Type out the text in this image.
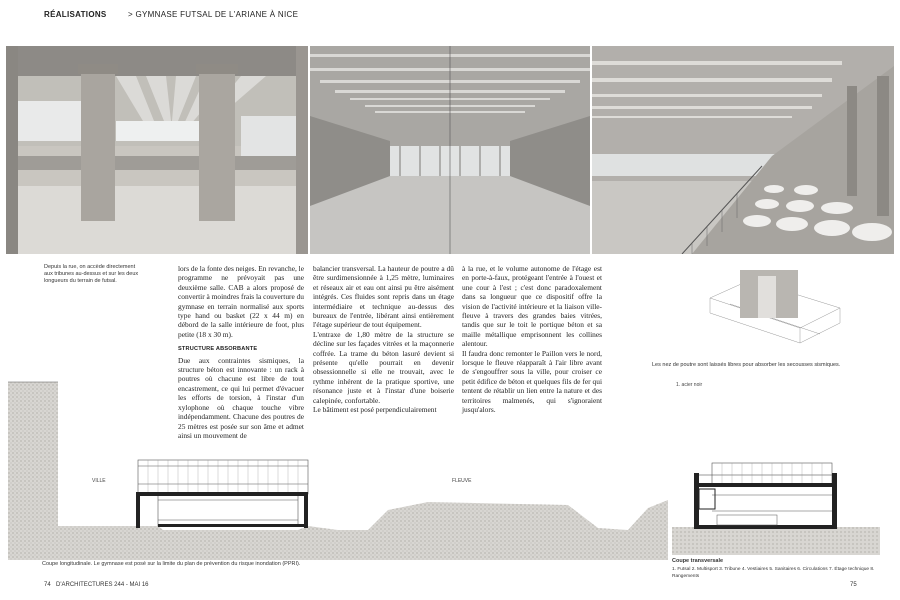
RÉALISATIONS	> GYMNASE FUTSAL DE L'ARIANE À NICE
Depuis la rue, on accède directement aux tribunes au-dessus et sur les deux longueurs du terrain de futsal.

lors de la fonte des neiges. En revanche, le programme ne prévoyait pas une deuxième salle. CAB a alors proposé de convertir à moindres frais la couverture du gymnase en terrain normalisé aux sports type hand ou basket (22 x 44 m) en débord de la salle intérieure de foot, plus petite (18 x 30 m).

STRUCTURE ABSORBANTE

Due aux contraintes sismiques, la structure béton est innovante : un rack à poutres où chacune est libre de tout encastrement, ce qui lui permet d'évacuer les efforts de torsion, à l'instar d'un xylophone où chaque touche vibre indépendamment. Chacune des poutres de 25 mètres est posée sur son âme et admet ainsi un mouvement de

balancier transversal. La hauteur de poutre a dû être surdimensionnée à 1,25 mètre, luminaires et réseaux air et eau ont ainsi pu être aisément intégrés. Ces fluides sont repris dans un étage intermédiaire et technique au-dessus des bureaux de l'entrée, libérant ainsi entièrement l'étage supérieur de tout équipement.

L'entraxe de 1,80 mètre de la structure se décline sur les façades vitrées et la maçonnerie coffrée. La trame du béton lasuré devient si présente qu'elle pourrait en devenir obsessionnelle si elle ne trouvait, avec le rythme inhérent de la pratique sportive, une résonance juste et à l'instar d'une boiserie calepinée, confortable.

Le bâtiment est posé perpendiculairement

à la rue, et le volume autonome de l'étage est en porte-à-faux, protégeant l'entrée à l'ouest et une cour à l'est ; c'est donc paradoxalement dans sa longueur que ce dispositif offre la vision de l'activité intérieure et la liaison ville-fleuve à travers des grandes baies vitrées, tandis que sur le toit le portique béton et sa maille métallique emprisonnent les collines alentour.

Il faudra donc remonter le Paillon vers le nord, lorsque le fleuve réapparaît à l'air libre avant de s'engouffrer sous la ville, pour croiser ce petit édifice de béton et quelques fils de fer qui tentent de rétablir un lien entre la nature et des territoires malmenés, qui s'ignoraient jusqu'alors.

Les nez de poutre sont laissés libres pour absorber les secousses sismiques.
1. acier noir
VILLE	FLEUVE
Coupe longitudinale. Le gymnase est posé sur la limite du plan de prévention du risque inondation (PPRI).	Coupe transversale
1. Futsal 2. Multisport 3. Tribune 4. Vestiaires 5. Sanitaires 6. Circulations 7. Étage technique 8. Rangements
74 D'ARCHITECTURES 244 - MAI 16	75
